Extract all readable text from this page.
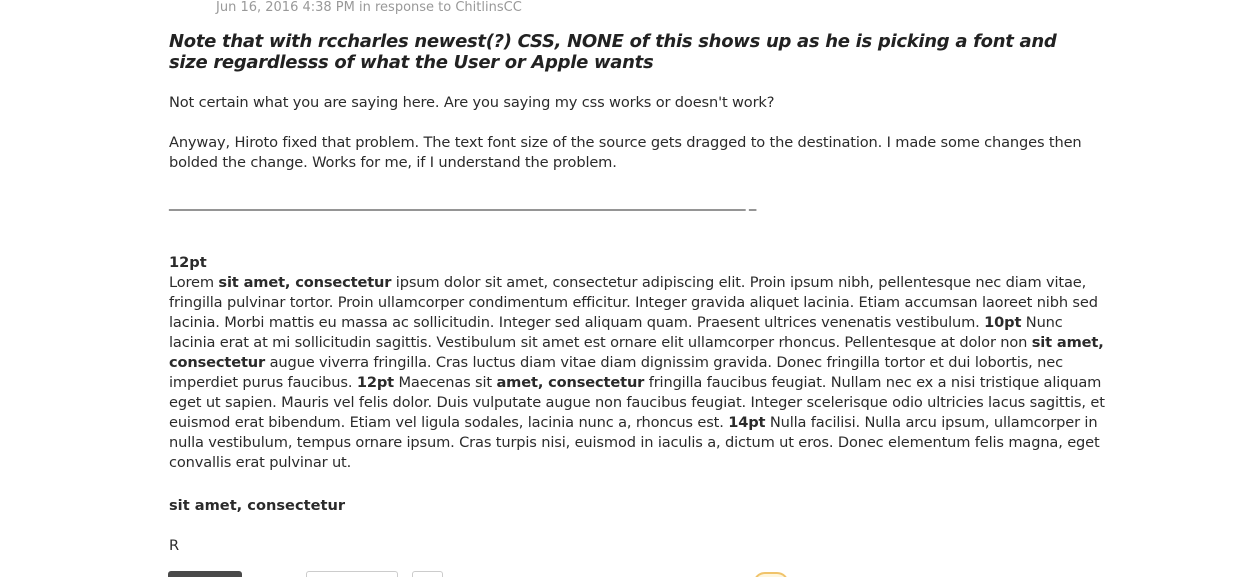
Jun 16, 2016 4:38 PM in response to ChitlinsCC
Note that with rccharles newest(?) CSS, NONE of this shows up as he is picking a font and size regardlesss of what the User or Apple wants
Not certain what you are saying here. Are you saying my css works or doesn't work?
Anyway, Hiroto fixed that problem. The text font size of the source gets dragged to the destination. I made some changes then bolded the change. Works for me, if I understand the problem.
______________________________________________________________________________________ _
12pt
Lorem sit amet, consectetur ipsum dolor sit amet, consectetur adipiscing elit. Proin ipsum nibh, pellentesque nec diam vitae, fringilla pulvinar tortor. Proin ullamcorper condimentum efficitur. Integer gravida aliquet lacinia. Etiam accumsan laoreet nibh sed lacinia. Morbi mattis eu massa ac sollicitudin. Integer sed aliquam quam. Praesent ultrices venenatis vestibulum. 10pt Nunc lacinia erat at mi sollicitudin sagittis. Vestibulum sit amet est ornare elit ullamcorper rhoncus. Pellentesque at dolor non sit amet, consectetur augue viverra fringilla. Cras luctus diam vitae diam dignissim gravida. Donec fringilla tortor et dui lobortis, nec imperdiet purus faucibus. 12pt Maecenas sit amet, consectetur fringilla faucibus feugiat. Nullam nec ex a nisi tristique aliquam eget ut sapien. Mauris vel felis dolor. Duis vulputate augue non faucibus feugiat. Integer scelerisque odio ultricies lacus sagittis, et euismod erat bibendum. Etiam vel ligula sodales, lacinia nunc a, rhoncus est. 14pt Nulla facilisi. Nulla arcu ipsum, ullamcorper in nulla vestibulum, tempus ornare ipsum. Cras turpis nisi, euismod in iaculis a, dictum ut eros. Donec elementum felis magna, eget convallis erat pulvinar ut.
sit amet, consectetur
R
